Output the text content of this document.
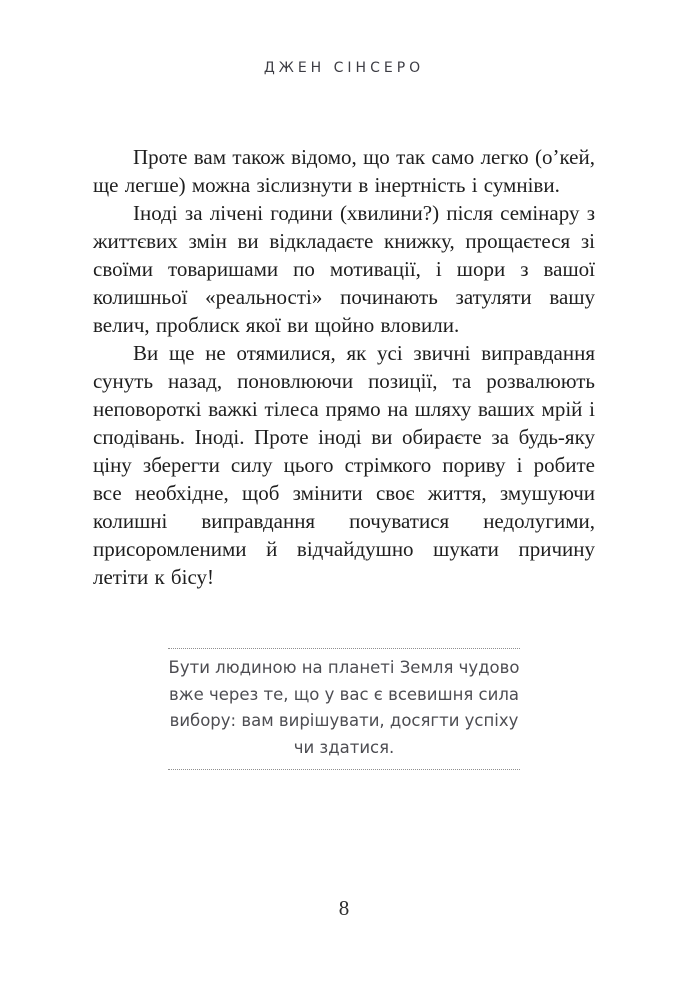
ДЖЕН СІНСЕРО

Проте вам також відомо, що так само легко (о’кей, ще легше) можна зіслизнути в інертність і сумніви.

Іноді за лічені години (хвилини?) після семінару з життєвих змін ви відкладаєте книжку, прощаєтеся зі своїми товаришами по мотивації, і шори з вашої колишньої «реальності» починають затуляти вашу велич, проблиск якої ви щойно вловили.

Ви ще не отямилися, як усі звичні виправдання сунуть назад, поновлюючи позиції, та розвалюють неповороткі важкі тілеса прямо на шляху ваших мрій і сподівань. Іноді. Проте іноді ви обираєте за будь-яку ціну зберегти силу цього стрімкого пориву і робите все необхідне, щоб змінити своє життя, змушуючи колишні виправдання почуватися недолугими, присоромленими й відчайдушно шукати причину летіти к бісу!

Бути людиною на планеті Земля чудово
вже через те, що у вас є всевишня сила
вибору: вам вирішувати, досягти успіху
чи здатися.
8
